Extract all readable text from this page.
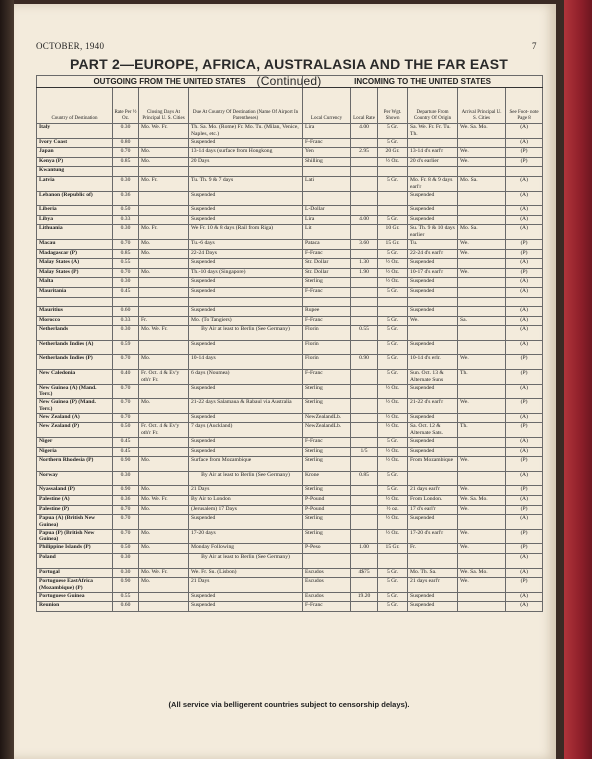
OCTOBER, 1940	7
PART 2—EUROPE, AFRICA, AUSTRALASIA AND THE FAR EAST (Continued)
OUTGOING FROM THE UNITED STATES				INCOMING TO THE UNITED STATES					
Country of Destination	Rate Per ½ Oz.	Closing Days At Principal U. S. Cities	Due At Country Of Destination (Name Of Airport In Parentheses)	Local Currency	Local Rate	Per Wgt. Shown	Departure From Country Of Origin	Arrival Principal U. S. Cities	See Foot- note Page 8
Italy	0.30	Mo. We. Fr.	Th. Sa. Mo. (Rome) Fr. Mo. Tu. (Milan, Venice, Naples, etc.)	Lira	4.00	5 Gr.	Sa. We. Fr. Fr. Tu. Th.	We. Sa. Mo.	(A)
Ivory Coast	0.80		Suspended	F-Franc		5 Gr.			(A)
Japan	0.70	Mo.	13-14 days (surface from Hongkong	Yen	2.95	20 Gr.	13-14 d's earl'r	We.	(P)
Kenya (P)	0.85	Mo.	20 Days	Shilling		½ Oz.	20 d's earlier	We.	(P)
Kwantung									
Latvia	0.30	Mo. Fr.	Tu. Th. 9 & 7 days	Lati		5 Gr.	Mo. Fr. 8 & 9 days earl'r	Mo. Sa.	(A)
Lebanon (Republic of)	0.36		Suspended				Suspended		(A)
Liberia	0.50		Suspended	L-Dollar			Suspended		(A)
Libya	0.33		Suspended	Lira	4.00	5 Gr.	Suspended		(A)
Lithuania	0.30	Mo. Fr.	We Fr. 10 & 8 days (Rail from Riga)	Lit		10 Gr.	Su. Th. 9 & 10 days earlier	Mo. Sa.	(A)
Macau	0.70	Mo.	Tu.-6 days	Pataca	3.60	15 Gr.	Tu.	We.	(P)
Madagascar (P)	0.85	Mo.	22-24 Days	F-Franc		5 Gr.	22-24 d's earl'r	We.	(P)
Malay States (A)	0.55		Suspended	Str. Dollar	1.30	½ Oz.	Suspended		(A)
Malay States (P)	0.70	Mo.	Th.-10 days (Singapore)	Str. Dollar	1.90	½ Oz.	10-17 d's earl'r	We.	(P)
Malta	0.30		Suspended	Sterling		½ Oz.	Suspended		(A)
Mauritania	0.45		Suspended	F-Franc		5 Gr.	Suspended		(A)

Mauritius	0.60		Suspended	Rupee			Suspended		(A)
Morocco	0.33	Fr.	Mo. (To Tangiers)	F-Franc		5 Gr.	We.	Sa.	(A)
Netherlands	0.30	Mo. We. Fr.	By Air at least to Berlin (See Germany)	Florin	0.55	5 Gr.			(A)
Netherlands Indies (A)	0.59		Suspended	Florin		5 Gr.	Suspended		(A)
Netherlands Indies (P)	0.70	Mo.	10-14 days	Florin	0.90	5 Gr.	10-14 d's erlr.	We.	(P)
New Caledonia	0.40	Fr. Oct. 4 & Ev'y oth'r Fr.	6 days (Noumea)	F-Franc		5 Gr.	Sun. Oct. 13 & Alternate Suns	Th.	(P)
New Guinea (A) (Mand. Terr.)	0.70		Suspended	Sterling		½ Oz.	Suspended		(A)
New Guinea (P) (Mand. Terr.)	0.70	Mo.	21-22 days Salamaua & Rabaul via Australia	Sterling		½ Oz.	21-22 d's earl'r	We.	(P)
New Zealand (A)	0.70		Suspended	NewZealandLb.		½ Oz.	Suspended		(A)
New Zealand (P)	0.50	Fr. Oct. 4 & Ev'y oth'r Fr.	7 days (Auckland)	NewZealandLb.		½ Oz.	Sa. Oct. 12 & Alternate Sats.	Th.	(P)
Niger	0.45		Suspended	F-Franc		5 Gr.	Suspended		(A)
Nigeria	0.45		Suspended	Sterling	1/5	½ Oz.	Suspended		(A)
Northern Rhodesia (P)	0.90	Mo.	Surface from Mozambique	Sterling		½ Oz.	From Mozambique	We.	(P)
Norway	0.30		By Air at least to Berlin (See Germany)	Krone	0.85	5 Gr.			(A)
Nyassaland (P)	0.90	Mo.	21 Days	Sterling		5 Gr.	21 days earl'r	We.	(P)
Palestine (A)	0.36	Mo. We. Fr.	By Air to London	P-Pound		½ Oz.	From London.	We. Sa. Mo.	(A)
Palestine (P)	0.70	Mo.	(Jerusalem) 17 Days	P-Pound		½ oz.	17 d's earl'r	We.	(P)
Papua (A) (British New Guinea)	0.70		Suspended	Sterling		½ Oz.	Suspended		(A)
Papua (P) (British New Guinea)	0.70	Mo.	17-20 days	Sterling		½ Oz.	17-20 d's earl'r	We.	(P)
Philippine Islands (P)	0.50	Mo.	Monday Following	P-Peso	1.00	15 Gr.	Fr.	We.	(P)
Poland	0.30		By Air at least to Berlin (See Germany)						(A)
Portugal	0.30	Mo. We. Fr.	We. Fr. Su. (Lisbon)	Escudos	4$75	5 Gr.	Mo. Th. Sa.	We. Sa. Mo.	(A)
Portuguese EastAfrica (Mozambique) (P)	0.90	Mo.	21 Days	Escudos		5 Gr.	21 days earl'r	We.	(P)
Portuguese Guinea	0.55		Suspended	Escudos	19.20	5 Gr.	Suspended		(A)
Reunion	0.60		Suspended	F-Franc		5 Gr.	Suspended		(A)
(All service via belligerent countries subject to censorship delays).
